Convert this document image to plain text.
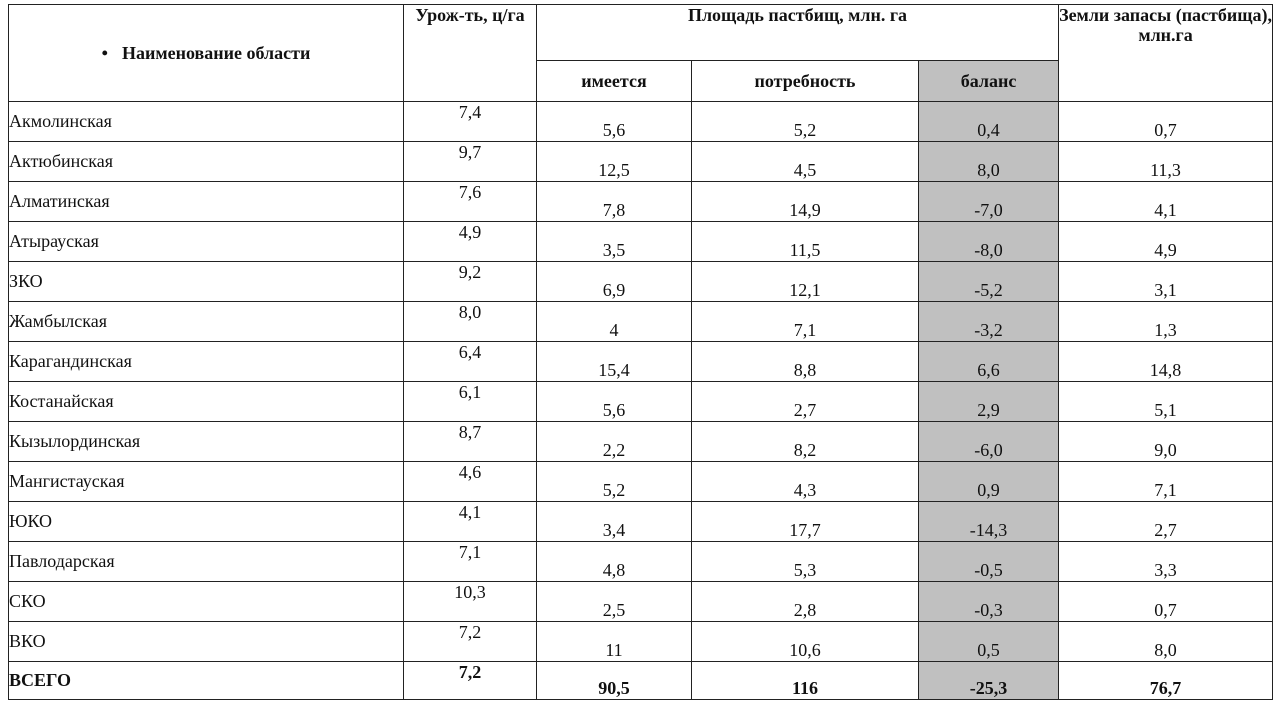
• Наименование области	Урож-ть, ц/га	Площадь пастбищ, млн. га			Земли запасы (пастбища), млн.га
		имеется	потребность	баланс	
Акмолинская	7,4	5,6	5,2	0,4	0,7
Актюбинская	9,7	12,5	4,5	8,0	11,3
Алматинская	7,6	7,8	14,9	-7,0	4,1
Атырауская	4,9	3,5	11,5	-8,0	4,9
ЗКО	9,2	6,9	12,1	-5,2	3,1
Жамбылская	8,0	4	7,1	-3,2	1,3
Карагандинская	6,4	15,4	8,8	6,6	14,8
Костанайская	6,1	5,6	2,7	2,9	5,1
Кызылординская	8,7	2,2	8,2	-6,0	9,0
Мангистауская	4,6	5,2	4,3	0,9	7,1
ЮКО	4,1	3,4	17,7	-14,3	2,7
Павлодарская	7,1	4,8	5,3	-0,5	3,3
СКО	10,3	2,5	2,8	-0,3	0,7
ВКО	7,2	11	10,6	0,5	8,0
ВСЕГО	7,2	90,5	116	-25,3	76,7
